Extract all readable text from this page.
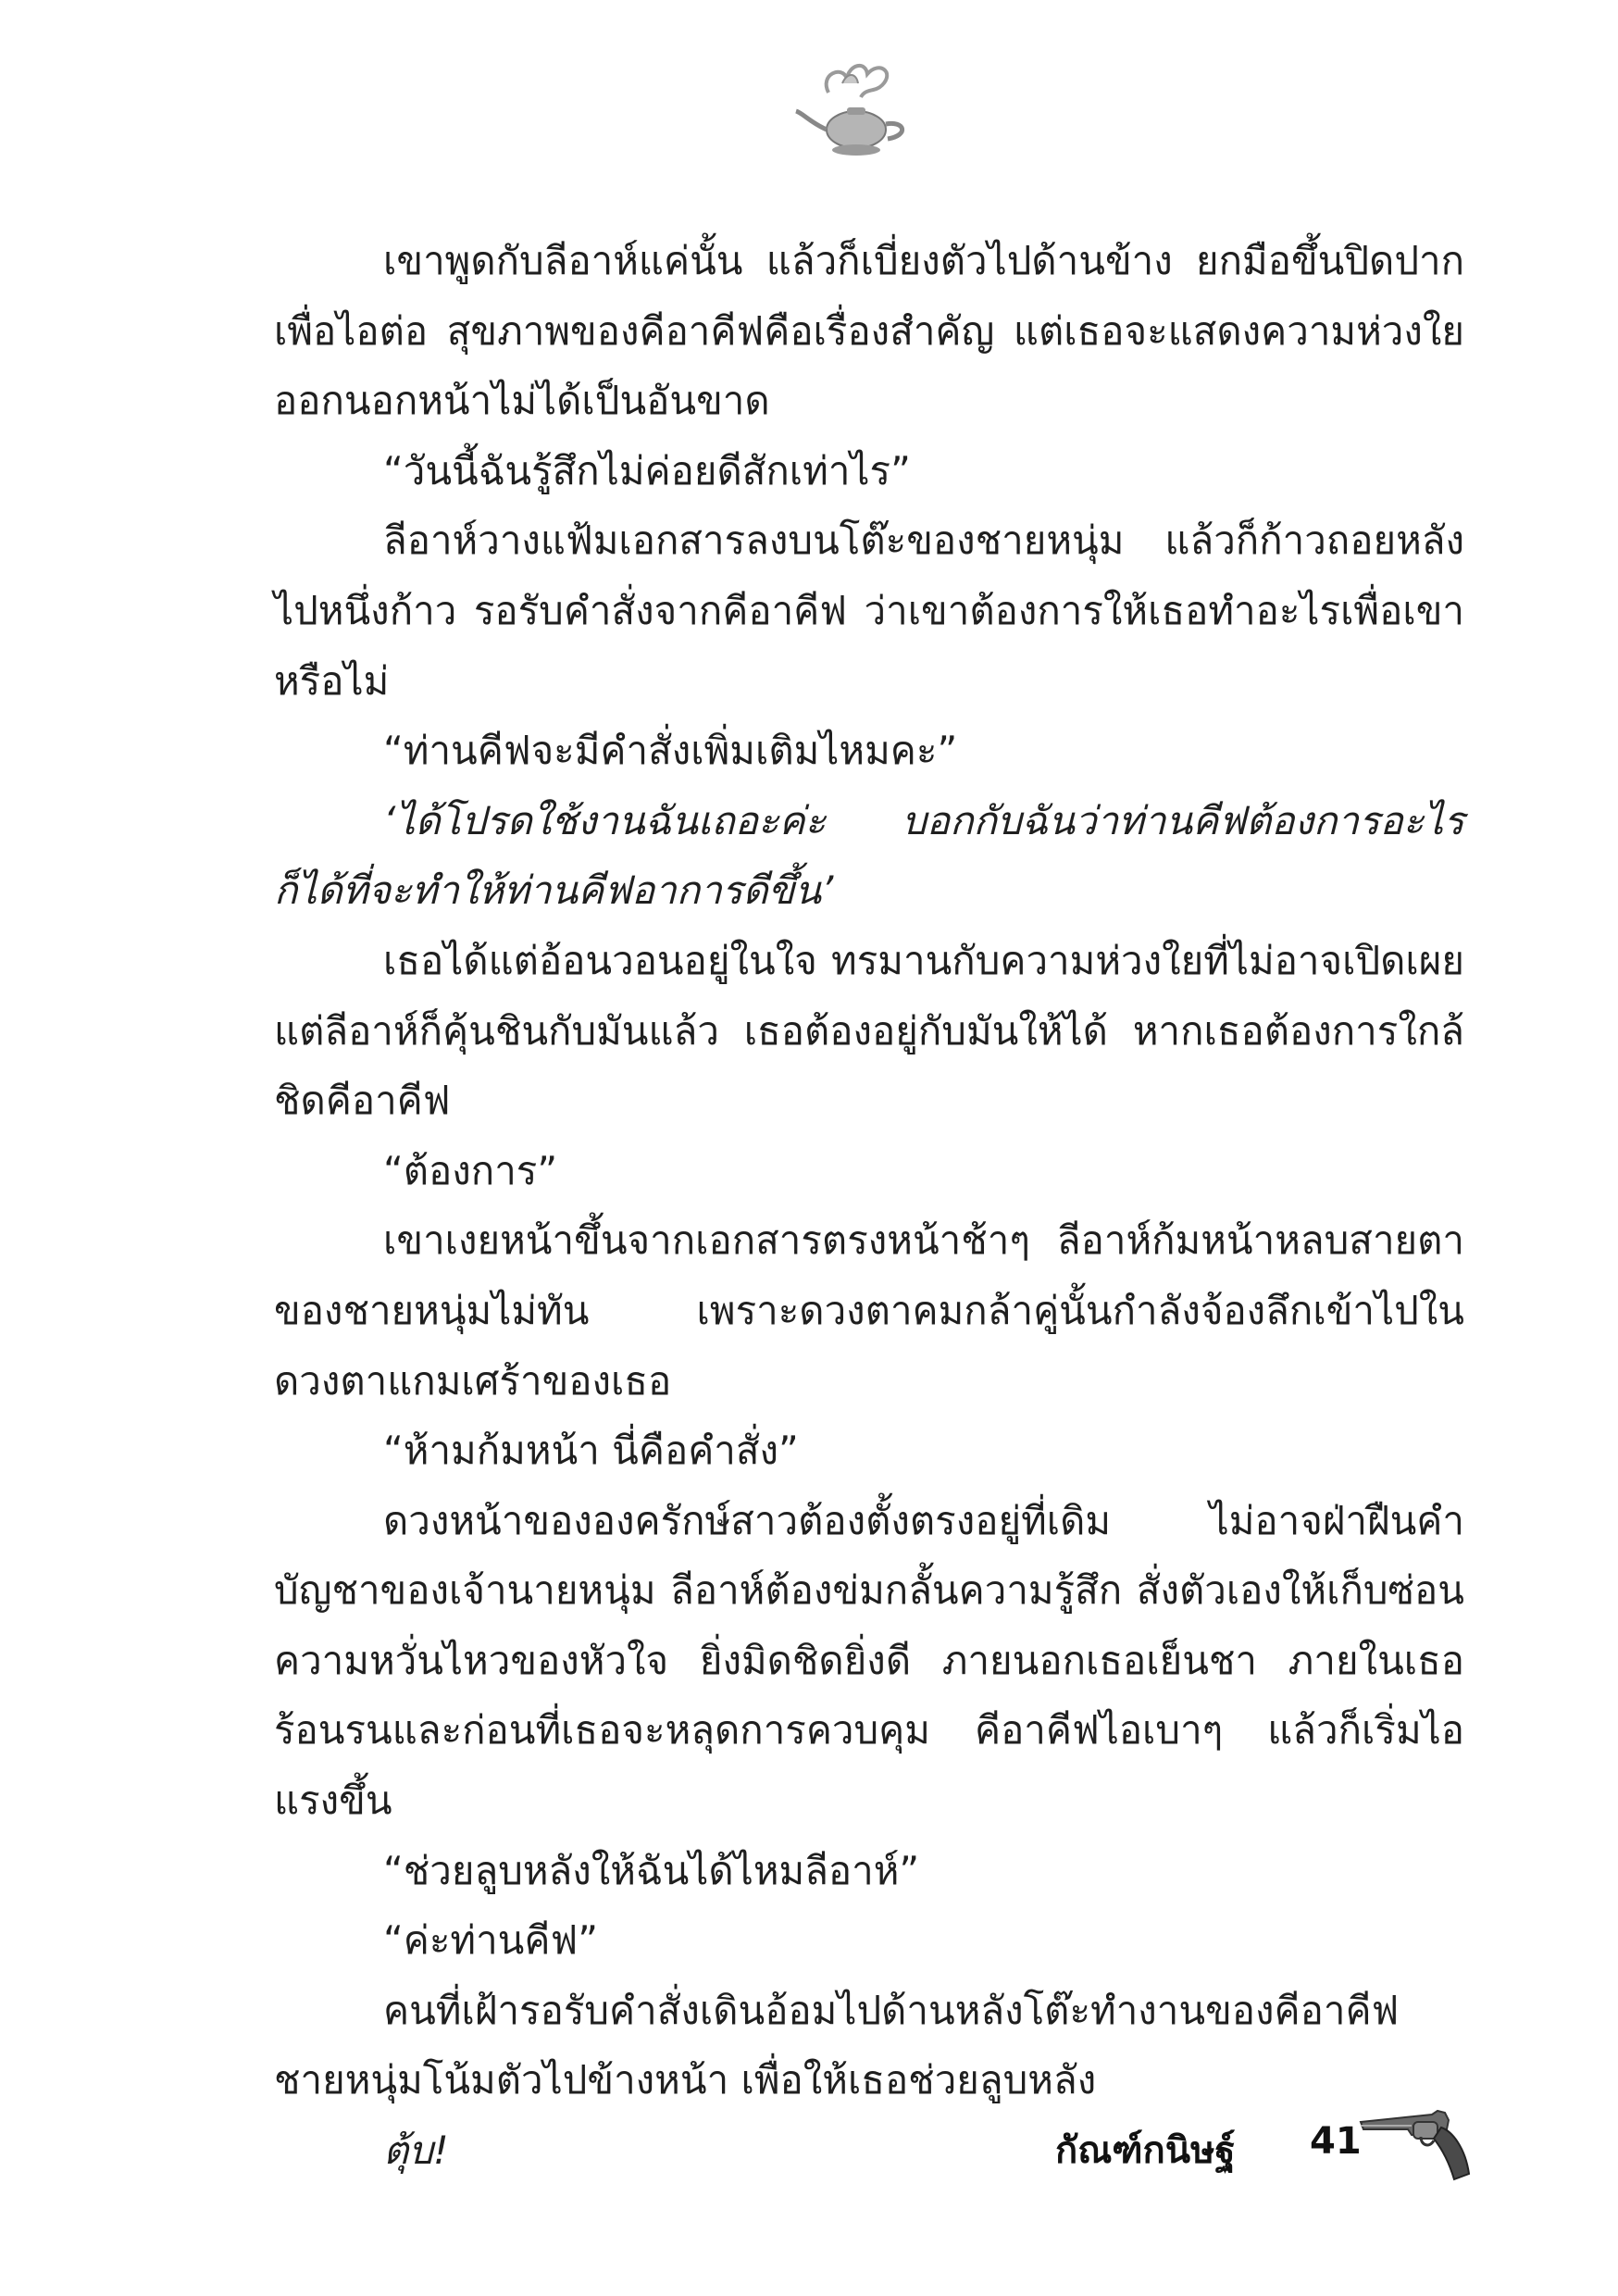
เขาพูดกับลีอาห์แค่นั้น แล้วก็เบี่ยงตัวไปด้านข้าง ยกมือขึ้นปิดปากเพื่อไอต่อ สุขภาพของคีอาคีฟคือเรื่องสำคัญ แต่เธอจะแสดงความห่วงใยออกนอกหน้าไม่ได้เป็นอันขาด

“วันนี้ฉันรู้สึกไม่ค่อยดีสักเท่าไร”

ลีอาห์วางแฟ้มเอกสารลงบนโต๊ะของชายหนุ่ม แล้วก็ก้าวถอยหลังไปหนึ่งก้าว รอรับคำสั่งจากคีอาคีฟ ว่าเขาต้องการให้เธอทำอะไรเพื่อเขาหรือไม่

“ท่านคีฟจะมีคำสั่งเพิ่มเติมไหมคะ”

‘ได้โปรดใช้งานฉันเถอะค่ะ บอกกับฉันว่าท่านคีฟต้องการอะไรก็ได้ที่จะทำให้ท่านคีฟอาการดีขึ้น’

เธอได้แต่อ้อนวอนอยู่ในใจ ทรมานกับความห่วงใยที่ไม่อาจเปิดเผยแต่ลีอาห์ก็คุ้นชินกับมันแล้ว เธอต้องอยู่กับมันให้ได้ หากเธอต้องการใกล้ชิดคีอาคีฟ

“ต้องการ”

เขาเงยหน้าขึ้นจากเอกสารตรงหน้าช้าๆ ลีอาห์ก้มหน้าหลบสายตาของชายหนุ่มไม่ทัน เพราะดวงตาคมกล้าคู่นั้นกำลังจ้องลึกเข้าไปในดวงตาแกมเศร้าของเธอ

“ห้ามก้มหน้า นี่คือคำสั่ง”

ดวงหน้าขององครักษ์สาวต้องตั้งตรงอยู่ที่เดิม ไม่อาจฝ่าฝืนคำบัญชาของเจ้านายหนุ่ม ลีอาห์ต้องข่มกลั้นความรู้สึก สั่งตัวเองให้เก็บซ่อนความหวั่นไหวของหัวใจ ยิ่งมิดชิดยิ่งดี ภายนอกเธอเย็นชา ภายในเธอร้อนรนและก่อนที่เธอจะหลุดการควบคุม คีอาคีฟไอเบาๆ แล้วก็เริ่มไอแรงขึ้น

“ช่วยลูบหลังให้ฉันได้ไหมลีอาห์”

“ค่ะท่านคีฟ”

คนที่เฝ้ารอรับคำสั่งเดินอ้อมไปด้านหลังโต๊ะทำงานของคีอาคีฟชายหนุ่มโน้มตัวไปข้างหน้า เพื่อให้เธอช่วยลูบหลัง

ตุ้บ!	กัณฑ์กนิษฐ์ 41
